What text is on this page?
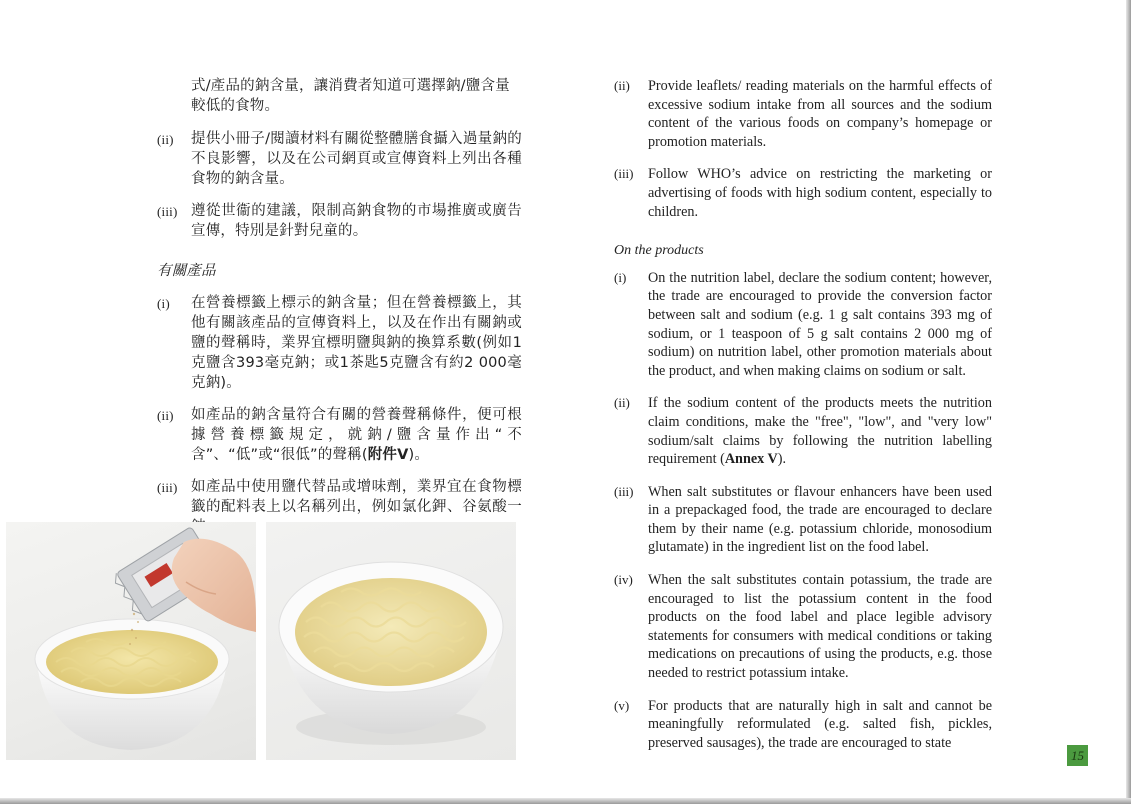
式/產品的鈉含量，讓消費者知道可選擇鈉/鹽含量較低的食物。
(ii) 提供小冊子/閱讀材料有關從整體膳食攝入過量鈉的不良影響，以及在公司網頁或宣傳資料上列出各種食物的鈉含量。
(iii) 遵從世衞的建議，限制高鈉食物的市場推廣或廣告宣傳，特別是針對兒童的。
有關產品
(i) 在營養標籤上標示的鈉含量；但在營養標籤上，其他有關該產品的宣傳資料上，以及在作出有關鈉或鹽的聲稱時，業界宜標明鹽與鈉的換算系數(例如1克鹽含393毫克鈉；或1茶匙5克鹽含有約2 000毫克鈉)。
(ii) 如產品的鈉含量符合有關的營養聲稱條件，便可根據營養標籤規定，就鈉/鹽含量作出“不含”、“低”或“很低”的聲稱(附件V)。
(iii) 如產品中使用鹽代替品或增味劑，業界宜在食物標籤的配料表上以名稱列出，例如氯化鉀、谷氨酸一
(ii) Provide leaflets/ reading materials on the harmful effects of excessive sodium intake from all sources and the sodium content of the various foods on company’s homepage or promotion materials.
(iii) Follow WHO’s advice on restricting the marketing or advertising of foods with high sodium content, especially to children.
On the products
(i) On the nutrition label, declare the sodium content; however, the trade are encouraged to provide the conversion factor between salt and sodium (e.g. 1 g salt contains 393 mg of sodium, or 1 teaspoon of 5 g salt contains 2 000 mg of sodium) on nutrition label, other promotion materials about the product, and when making claims on sodium or salt.
(ii) If the sodium content of the products meets the nutrition claim conditions, make the "free", "low", and "very low" sodium/salt claims by following the nutrition labelling requirement (Annex V).
(iii) When salt substitutes or flavour enhancers have been used in a prepackaged food, the trade are encouraged to declare them by their name (e.g. potassium chloride, monosodium glutamate) in the ingredient list on the food label.
(iv) When the salt substitutes contain potassium, the trade are encouraged to list the potassium content in the food products on the food label and place legible advisory statements for consumers with medical conditions or taking medications on precautions of using the products, e.g. those needed to restrict potassium intake.
(v) For products that are naturally high in salt and cannot be meaningfully reformulated (e.g. salted fish, pickles, preserved sausages), the trade are encouraged to state
15
